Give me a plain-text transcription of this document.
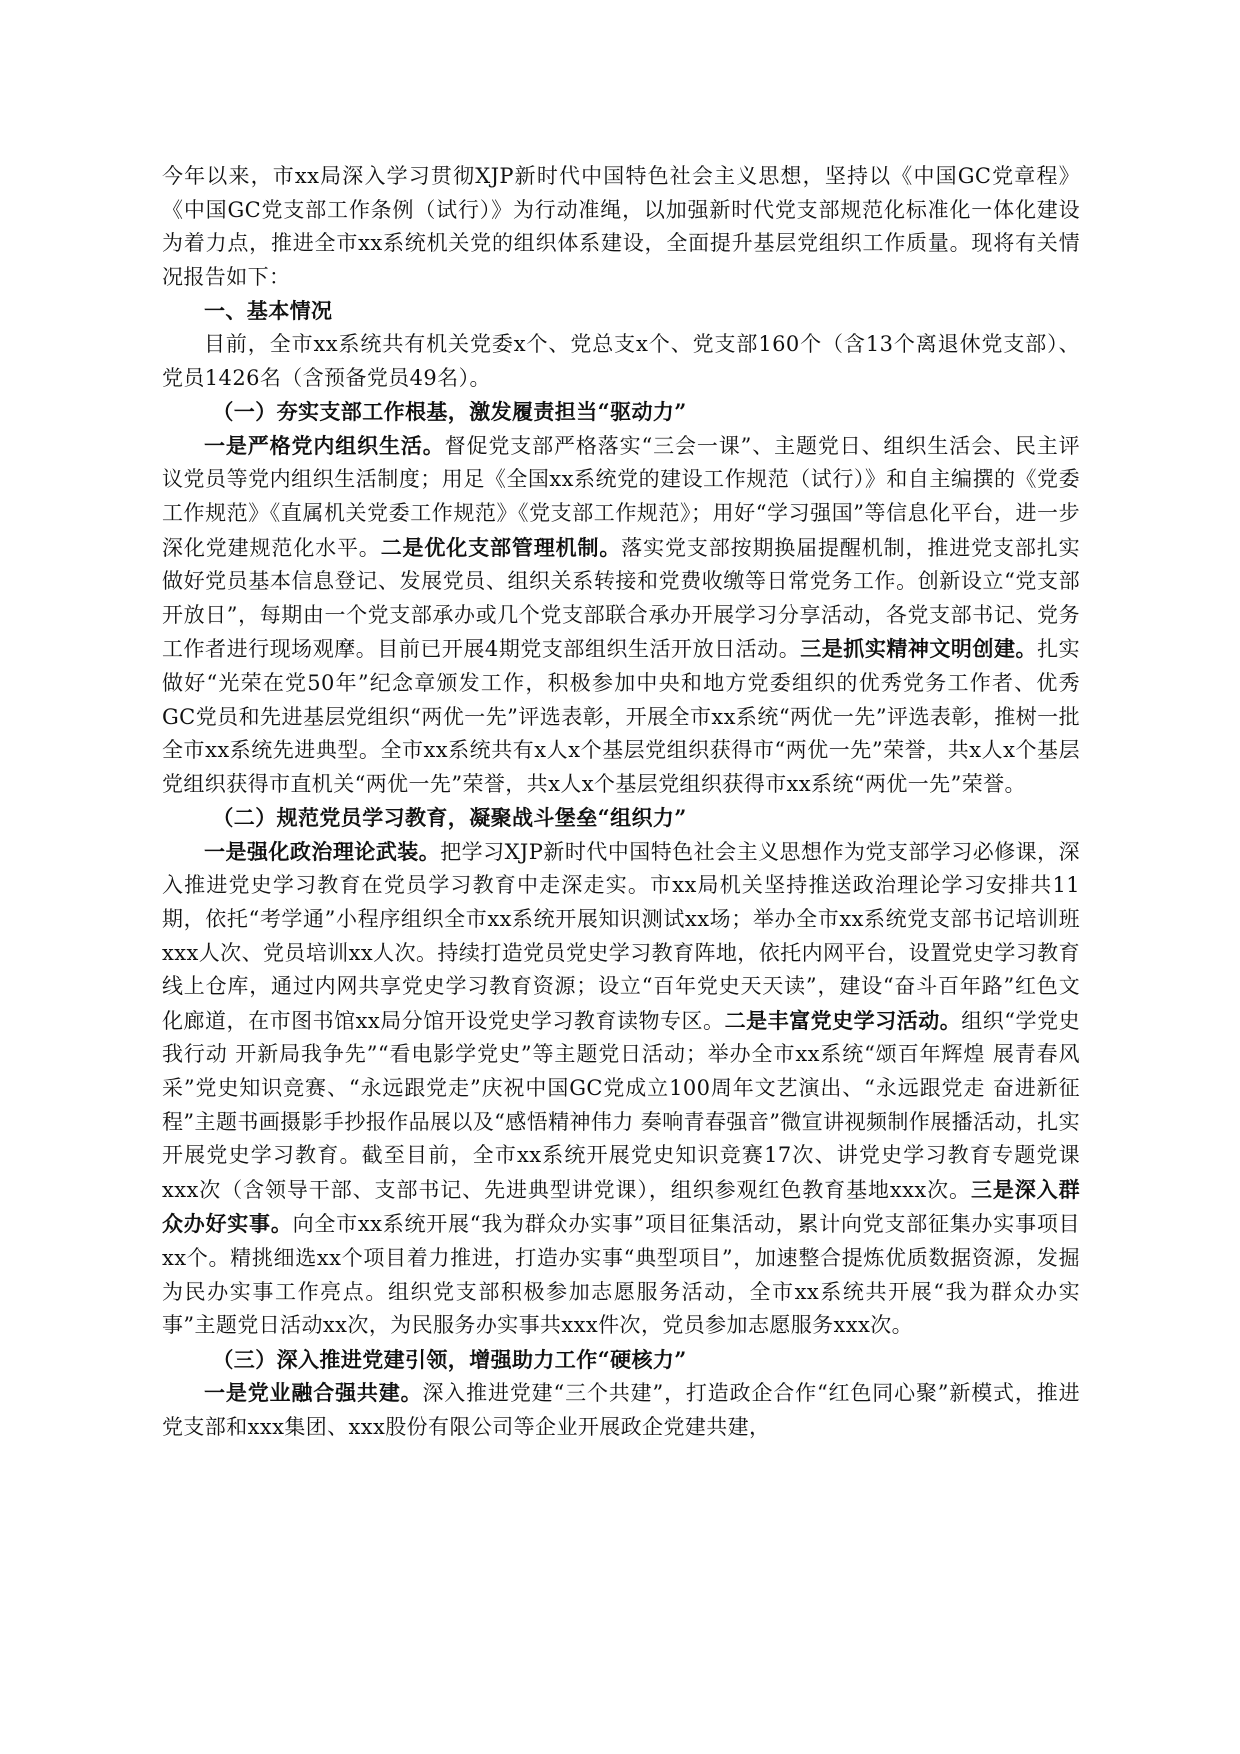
今年以来，市xx局深入学习贯彻XJP新时代中国特色社会主义思想，坚持以《中国GC党章程》《中国GC党支部工作条例（试行）》为行动准绳，以加强新时代党支部规范化标准化一体化建设为着力点，推进全市xx系统机关党的组织体系建设，全面提升基层党组织工作质量。现将有关情况报告如下：

一、基本情况

目前，全市xx系统共有机关党委x个、党总支x个、党支部160个（含13个离退休党支部）、党员1426名（含预备党员49名）。

（一）夯实支部工作根基，激发履责担当“驱动力”

一是严格党内组织生活。督促党支部严格落实“三会一课”、主题党日、组织生活会、民主评议党员等党内组织生活制度；用足《全国xx系统党的建设工作规范（试行）》和自主编撰的《党委工作规范》《直属机关党委工作规范》《党支部工作规范》；用好“学习强国”等信息化平台，进一步深化党建规范化水平。二是优化支部管理机制。落实党支部按期换届提醒机制，推进党支部扎实做好党员基本信息登记、发展党员、组织关系转接和党费收缴等日常党务工作。创新设立“党支部开放日”，每期由一个党支部承办或几个党支部联合承办开展学习分享活动，各党支部书记、党务工作者进行现场观摩。目前已开展4期党支部组织生活开放日活动。三是抓实精神文明创建。扎实做好“光荣在党50年”纪念章颁发工作，积极参加中央和地方党委组织的优秀党务工作者、优秀GC党员和先进基层党组织“两优一先”评选表彰，开展全市xx系统“两优一先”评选表彰，推树一批全市xx系统先进典型。全市xx系统共有x人x个基层党组织获得市“两优一先”荣誉，共x人x个基层党组织获得市直机关“两优一先”荣誉，共x人x个基层党组织获得市xx系统“两优一先”荣誉。

（二）规范党员学习教育，凝聚战斗堡垒“组织力”

一是强化政治理论武装。把学习XJP新时代中国特色社会主义思想作为党支部学习必修课，深入推进党史学习教育在党员学习教育中走深走实。市xx局机关坚持推送政治理论学习安排共11期，依托“考学通”小程序组织全市xx系统开展知识测试xx场；举办全市xx系统党支部书记培训班xxx人次、党员培训xx人次。持续打造党员党史学习教育阵地，依托内网平台，设置党史学习教育线上仓库，通过内网共享党史学习教育资源；设立“百年党史天天读”，建设“奋斗百年路”红色文化廊道，在市图书馆xx局分馆开设党史学习教育读物专区。二是丰富党史学习活动。组织“学党史我行动 开新局我争先”“看电影学党史”等主题党日活动；举办全市xx系统“颂百年辉煌 展青春风采”党史知识竞赛、“永远跟党走”庆祝中国GC党成立100周年文艺演出、“永远跟党走 奋进新征程”主题书画摄影手抄报作品展以及“感悟精神伟力 奏响青春强音”微宣讲视频制作展播活动，扎实开展党史学习教育。截至目前，全市xx系统开展党史知识竞赛17次、讲党史学习教育专题党课xxx次（含领导干部、支部书记、先进典型讲党课），组织参观红色教育基地xxx次。三是深入群众办好实事。向全市xx系统开展“我为群众办实事”项目征集活动，累计向党支部征集办实事项目xx个。精挑细选xx个项目着力推进，打造办实事“典型项目”，加速整合提炼优质数据资源，发掘为民办实事工作亮点。组织党支部积极参加志愿服务活动，全市xx系统共开展“我为群众办实事”主题党日活动xx次，为民服务办实事共xxx件次，党员参加志愿服务xxx次。

（三）深入推进党建引领，增强助力工作“硬核力”

一是党业融合强共建。深入推进党建“三个共建”，打造政企合作“红色同心聚”新模式，推进党支部和xxx集团、xxx股份有限公司等企业开展政企党建共建，
